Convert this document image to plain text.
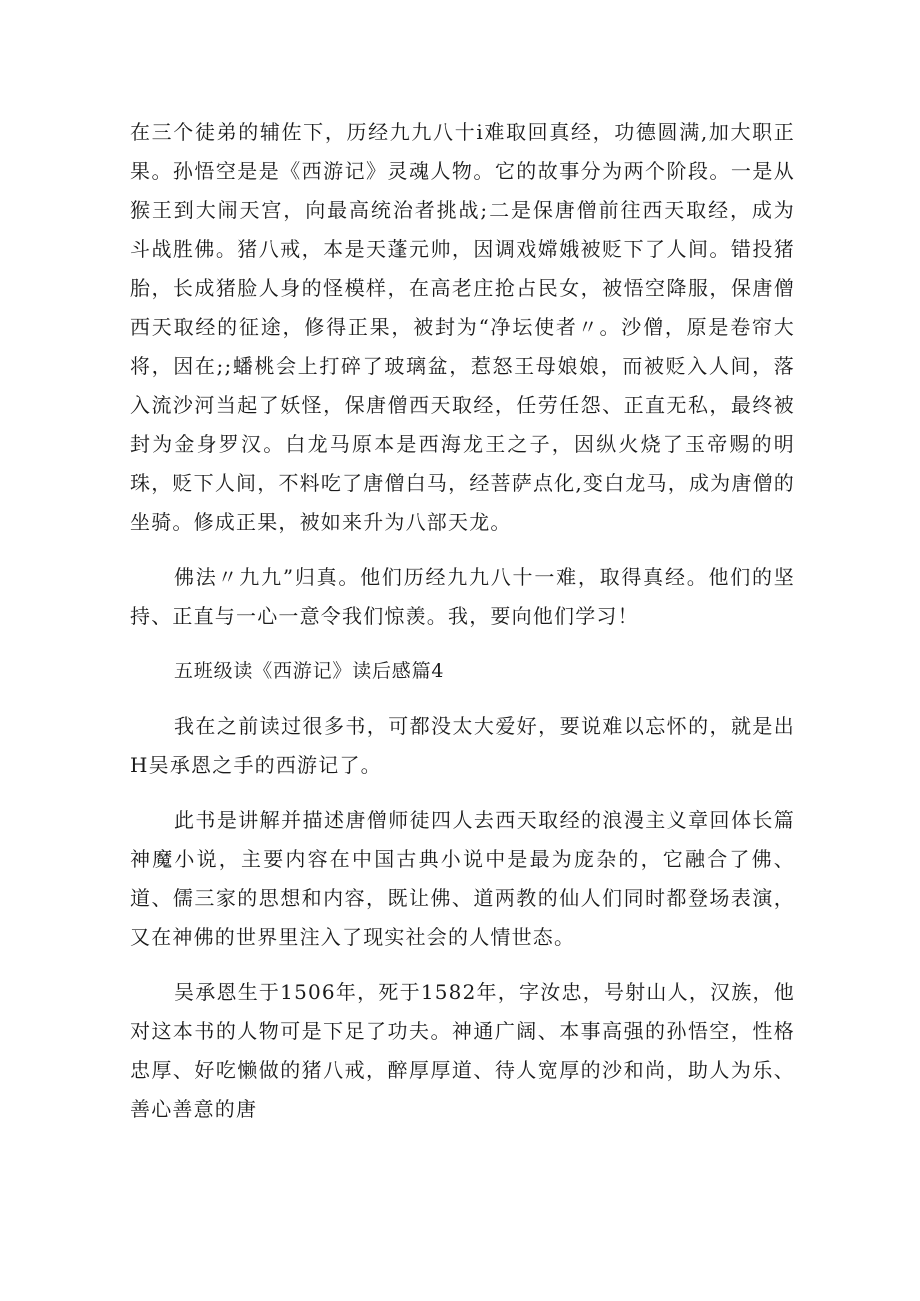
在三个徒弟的辅佐下，历经九九八十i难取回真经，功德圆满,加大职正果。孙悟空是是《西游记》灵魂人物。它的故事分为两个阶段。一是从猴王到大闹天宫，向最高统治者挑战;二是保唐僧前往西天取经，成为斗战胜佛。猪八戒，本是天蓬元帅，因调戏嫦娥被贬下了人间。错投猪胎，长成猪脸人身的怪模样，在高老庄抢占民女，被悟空降服，保唐僧西天取经的征途，修得正果，被封为“净坛使者〃。沙僧，原是卷帘大将，因在;;蟠桃会上打碎了玻璃盆，惹怒王母娘娘，而被贬入人间，落入流沙河当起了妖怪，保唐僧西天取经，任劳任怨、正直无私，最终被封为金身罗汉。白龙马原本是西海龙王之子，因纵火烧了玉帝赐的明珠，贬下人间，不料吃了唐僧白马，经菩萨点化,变白龙马，成为唐僧的坐骑。修成正果，被如来升为八部天龙。

佛法〃九九”归真。他们历经九九八十一难，取得真经。他们的坚持、正直与一心一意令我们惊羡。我，要向他们学习！

五班级读《西游记》读后感篇4

我在之前读过很多书，可都没太大爱好，要说难以忘怀的，就是出H吴承恩之手的西游记了。

此书是讲解并描述唐僧师徒四人去西天取经的浪漫主义章回体长篇神魔小说，主要内容在中国古典小说中是最为庞杂的，它融合了佛、道、儒三家的思想和内容，既让佛、道两教的仙人们同时都登场表演，又在神佛的世界里注入了现实社会的人情世态。

吴承恩生于1506年，死于1582年，字汝忠，号射山人，汉族，他对这本书的人物可是下足了功夫。神通广阔、本事高强的孙悟空，性格忠厚、好吃懒做的猪八戒，醉厚厚道、待人宽厚的沙和尚，助人为乐、善心善意的唐
